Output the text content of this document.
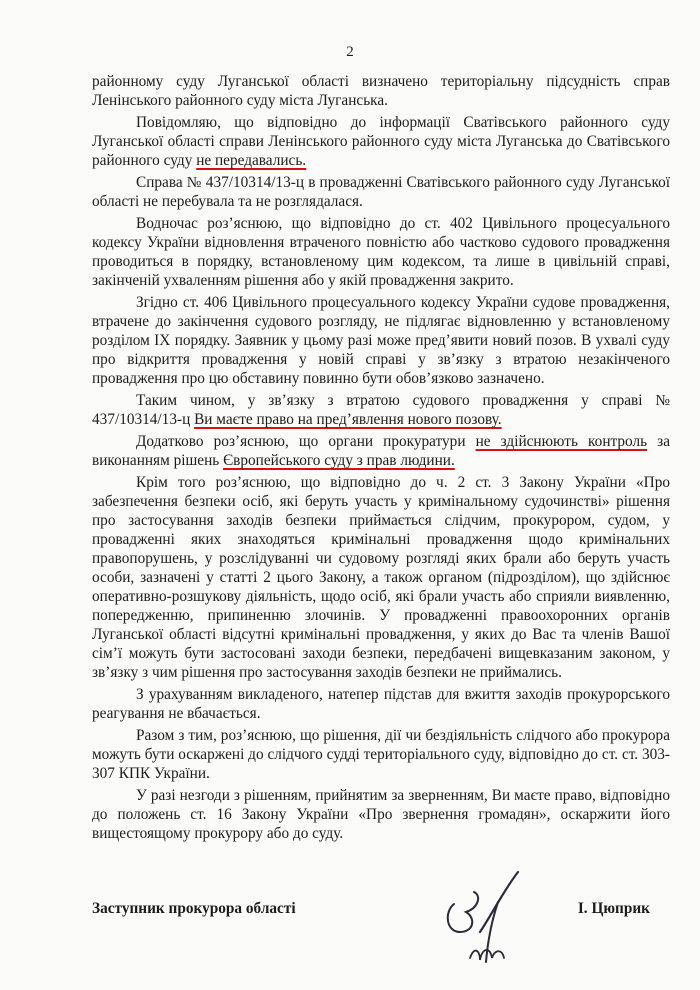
2

районному суду Луганської області визначено територіальну підсудність справ Ленінського районного суду міста Луганська.

Повідомляю, що відповідно до інформації Сватівського районного суду Луганської області справи Ленінського районного суду міста Луганська до Сватівського районного суду не передавались.

Справа № 437/10314/13-ц в провадженні Сватівського районного суду Луганської області не перебувала та не розглядалася.

Водночас роз’яснюю, що відповідно до ст. 402 Цивільного процесуального кодексу України відновлення втраченого повністю або частково судового провадження проводиться в порядку, встановленому цим кодексом, та лише в цивільній справі, закінченій ухваленням рішення або у якій провадження закрито.

Згідно ст. 406 Цивільного процесуального кодексу України судове провадження, втрачене до закінчення судового розгляду, не підлягає відновленню у встановленому розділом IX порядку. Заявник у цьому разі може пред’явити новий позов. В ухвалі суду про відкриття провадження у новій справі у зв’язку з втратою незакінченого провадження про цю обставину повинно бути обов’язково зазначено.

Таким чином, у зв’язку з втратою судового провадження у справі № 437/10314/13-ц Ви маєте право на пред’явлення нового позову.

Додатково роз’яснюю, що органи прокуратури не здійснюють контроль за виконанням рішень Європейського суду з прав людини.

Крім того роз’яснюю, що відповідно до ч. 2 ст. 3 Закону України «Про забезпечення безпеки осіб, які беруть участь у кримінальному судочинстві» рішення про застосування заходів безпеки приймається слідчим, прокурором, судом, у провадженні яких знаходяться кримінальні провадження щодо кримінальних правопорушень, у розслідуванні чи судовому розгляді яких брали або беруть участь особи, зазначені у статті 2 цього Закону, а також органом (підрозділом), що здійснює оперативно-розшукову діяльність, щодо осіб, які брали участь або сприяли виявленню, попередженню, припиненню злочинів. У провадженні правоохоронних органів Луганської області відсутні кримінальні провадження, у яких до Вас та членів Вашої сім’ї можуть бути застосовані заходи безпеки, передбачені вищевказаним законом, у зв’язку з чим рішення про застосування заходів безпеки не приймались.

З урахуванням викладеного, натепер підстав для вжиття заходів прокурорського реагування не вбачається.

Разом з тим, роз’яснюю, що рішення, дії чи бездіяльність слідчого або прокурора можуть бути оскаржені до слідчого судді територіального суду, відповідно до ст. ст. 303-307 КПК України.

У разі незгоди з рішенням, прийнятим за зверненням, Ви маєте право, відповідно до положень ст. 16 Закону України «Про звернення громадян», оскаржити його вищестоящому прокурору або до суду.

Заступник прокурора області	І. Цюприк
